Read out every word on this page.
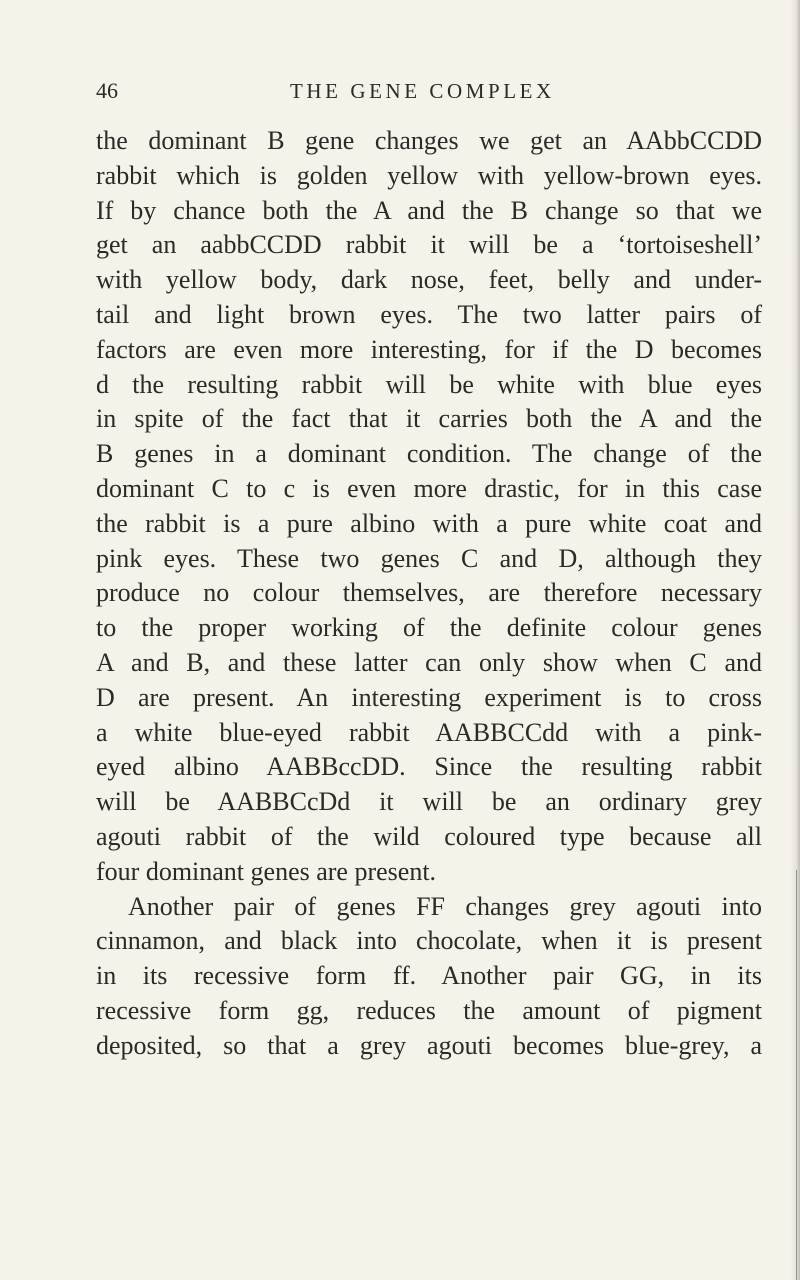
46	THE GENE COMPLEX
the dominant B gene changes we get an AAbbCCDD
rabbit which is golden yellow with yellow-brown eyes.
If by chance both the A and the B change so that we
get an aabbCCDD rabbit it will be a ‘tortoiseshell’
with yellow body, dark nose, feet, belly and under-
tail and light brown eyes. The two latter pairs of
factors are even more interesting, for if the D becomes
d the resulting rabbit will be white with blue eyes
in spite of the fact that it carries both the A and the
B genes in a dominant condition. The change of the
dominant C to c is even more drastic, for in this case
the rabbit is a pure albino with a pure white coat and
pink eyes. These two genes C and D, although they
produce no colour themselves, are therefore necessary
to the proper working of the definite colour genes
A and B, and these latter can only show when C and
D are present. An interesting experiment is to cross
a white blue-eyed rabbit AABBCCdd with a pink-
eyed albino AABBccDD. Since the resulting rabbit
will be AABBCcDd it will be an ordinary grey
agouti rabbit of the wild coloured type because all
four dominant genes are present.
Another pair of genes FF changes grey agouti into
cinnamon, and black into chocolate, when it is present
in its recessive form ff. Another pair GG, in its
recessive form gg, reduces the amount of pigment
deposited, so that a grey agouti becomes blue-grey, a
